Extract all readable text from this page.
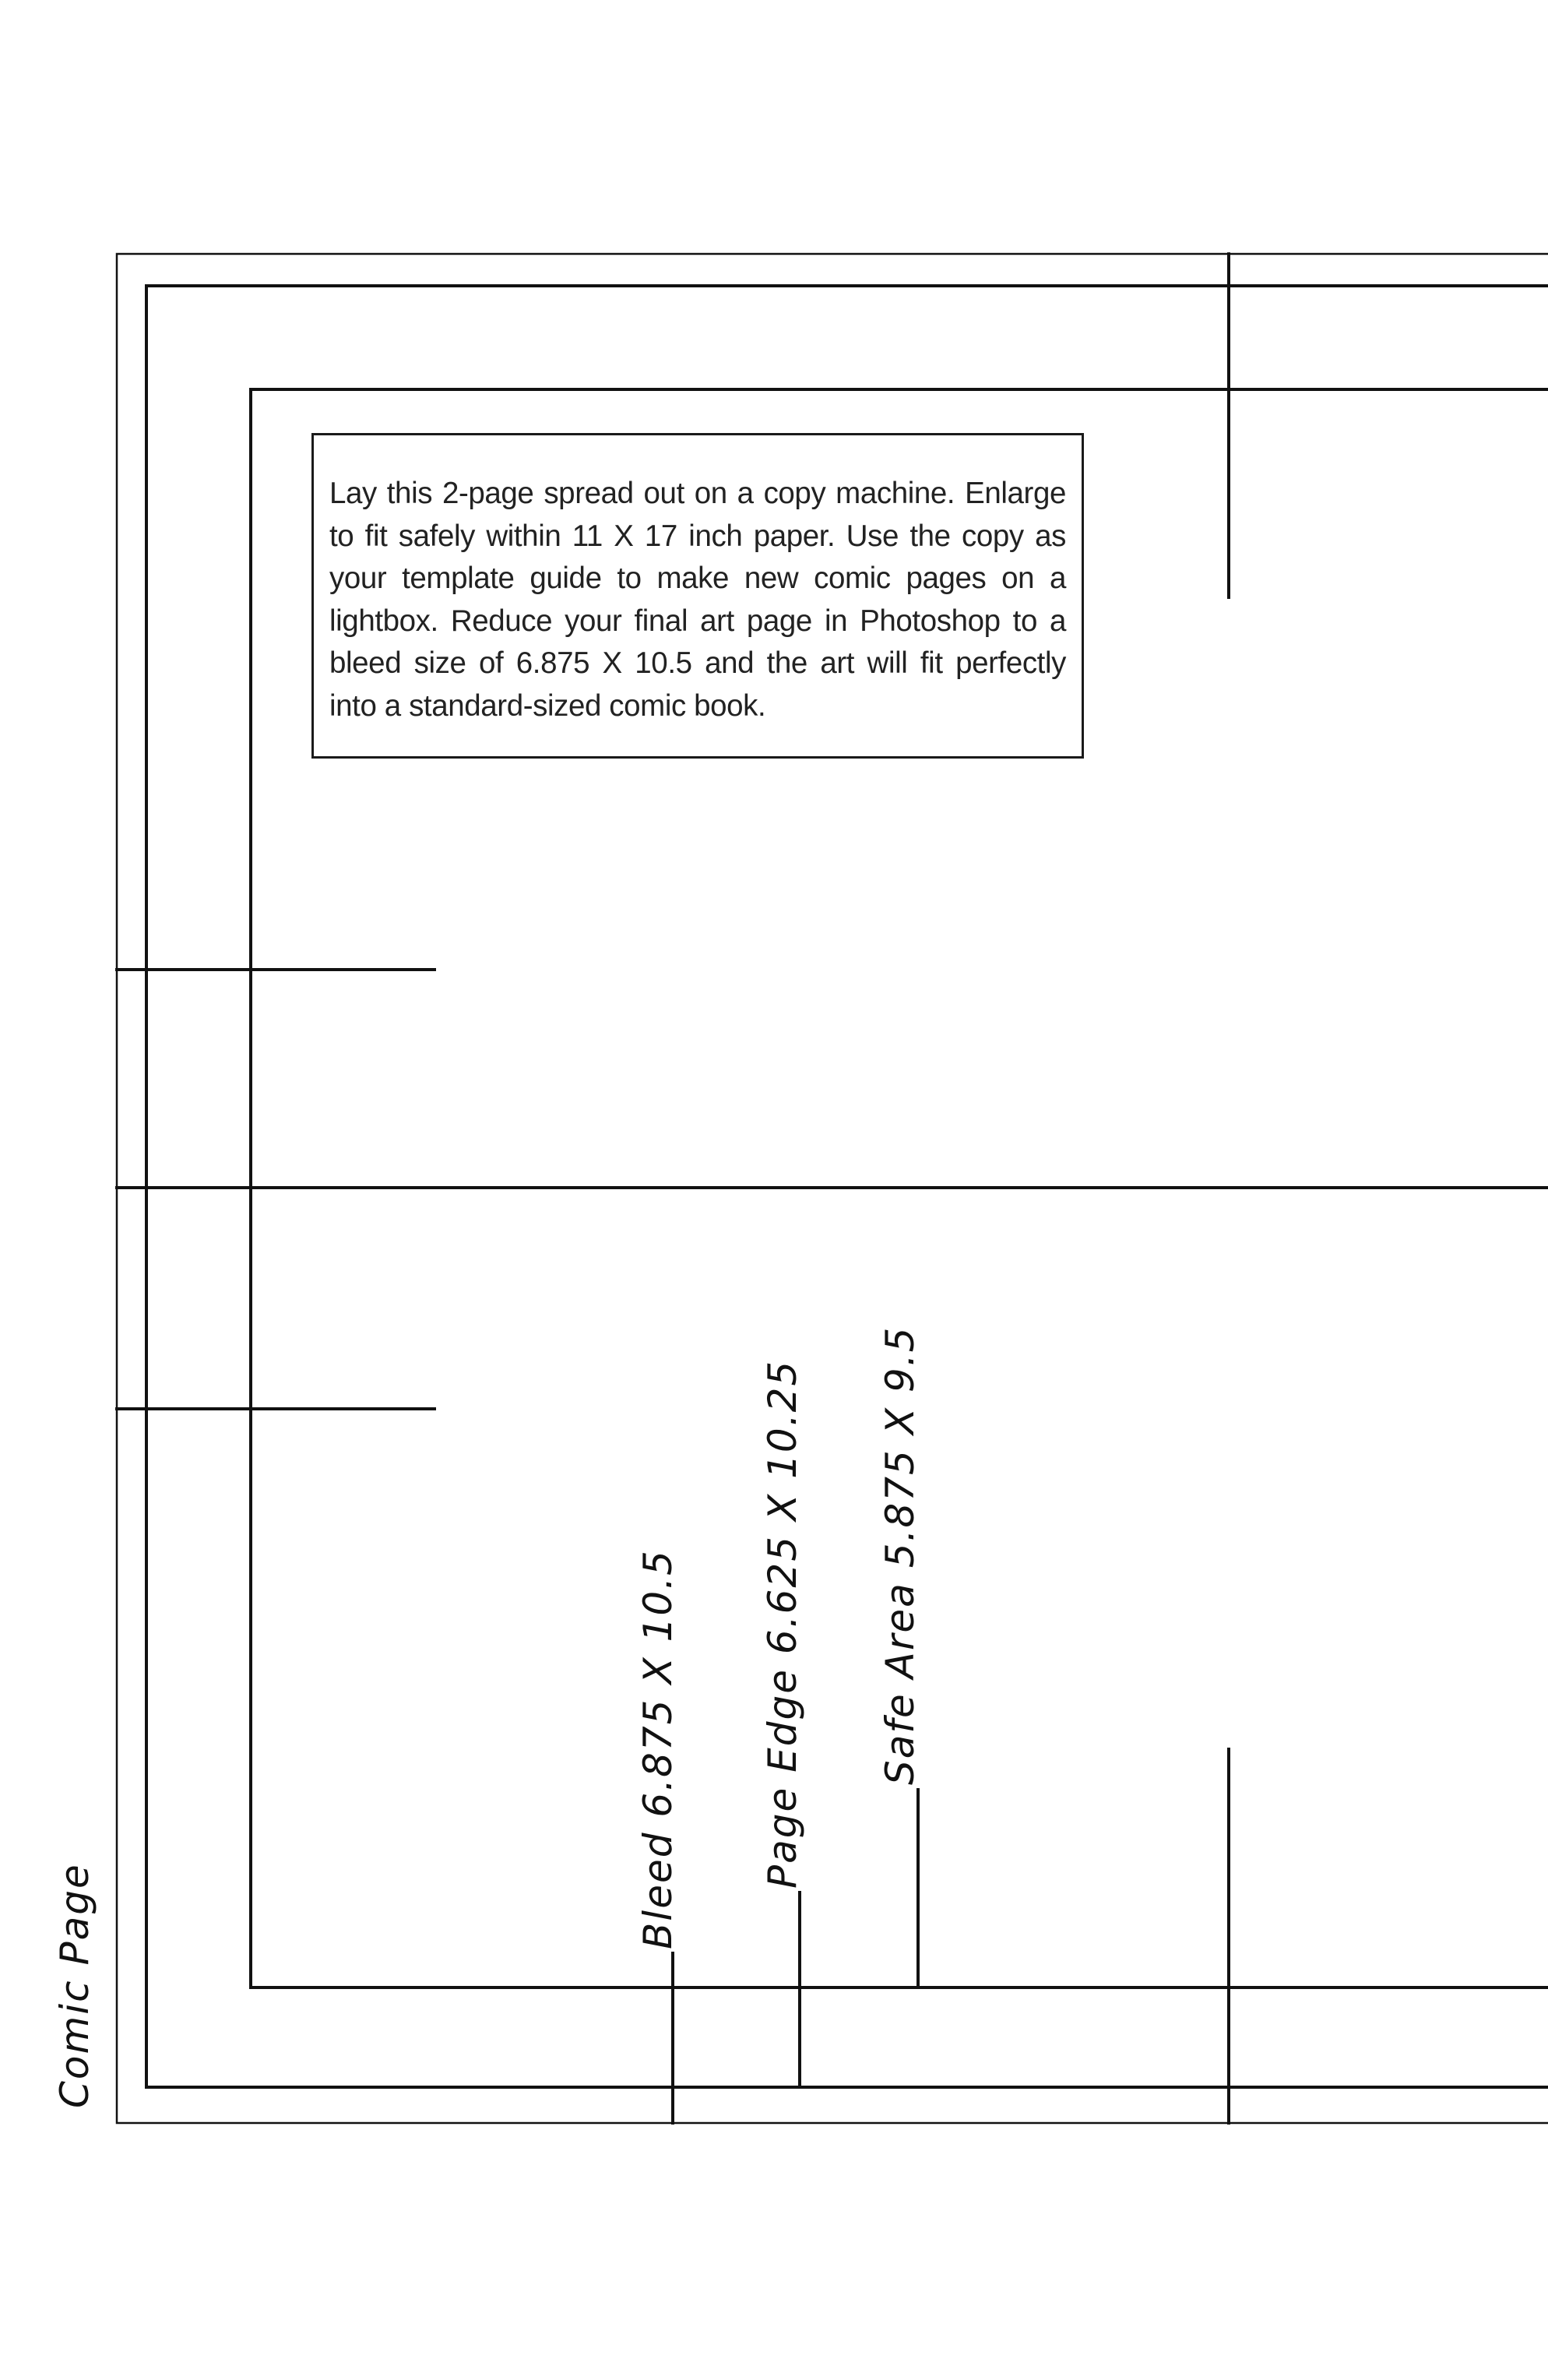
Bleed 6.875 X 10.5 Page Edge 6.625 X 10.25 Safe Area 5.875 X 9.5
Comic Page

Lay this 2-page spread out on a copy machine. Enlarge to fit safely within 11 X 17 inch paper. Use the copy as your template guide to make new comic pages on a lightbox. Reduce your final art page in Photoshop to a bleed size of 6.875 X 10.5 and the art will fit perfectly into a standard-sized comic book.
